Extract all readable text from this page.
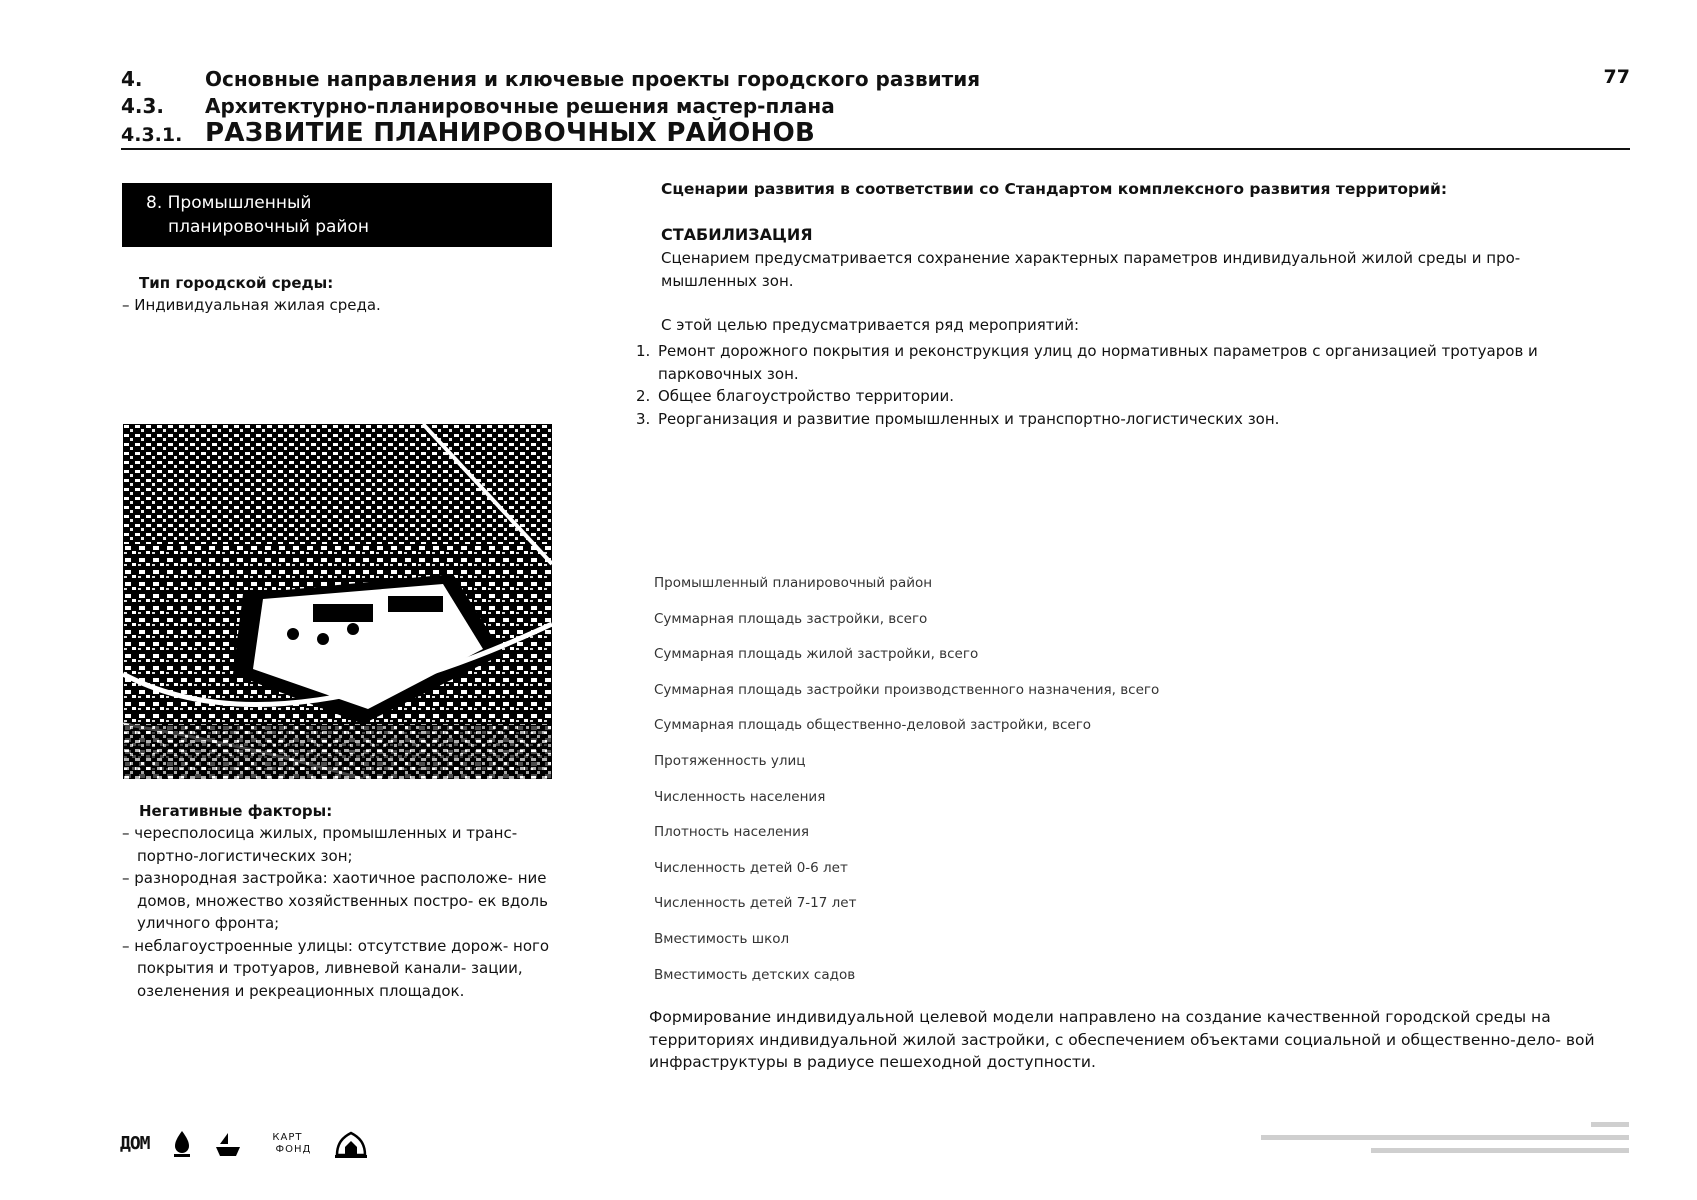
4.	Основные направления и ключевые проекты городского развития
4.3.	Архитектурно-планировочные решения мастер-плана
4.3.1. РАЗВИТИЕ ПЛАНИРОВОЧНЫХ РАЙОНОВ
77
8. Промышленный
планировочный район
Тип городской среды:
– Индивидуальная жилая среда.
Негативные факторы:
– чересполосица жилых, промышленных и транс- портно-логистических зон;
– разнородная застройка: хаотичное расположе- ние домов, множество хозяйственных постро- ек вдоль уличного фронта;
– неблагоустроенные улицы: отсутствие дорож- ного покрытия и тротуаров, ливневой канали- зации, озеленения и рекреационных площадок.
Сценарии развития в соответствии со Стандартом комплексного развития территорий:
СТАБИЛИЗАЦИЯ
Сценарием предусматривается сохранение характерных параметров индивидуальной жилой среды и про- мышленных зон.
С этой целью предусматривается ряд мероприятий:
1. Ремонт дорожного покрытия и реконструкция улиц до нормативных параметров с организацией тротуаров и парковочных зон.
2. Общее благоустройство территории.
3. Реорганизация и развитие промышленных и транспортно-логистических зон.
Промышленный планировочный район
Суммарная площадь застройки, всего
Суммарная площадь жилой застройки, всего
Суммарная площадь застройки производственного назначения, всего
Суммарная площадь общественно-деловой застройки, всего
Протяженность улиц
Численность населения
Плотность населения
Численность детей 0-6 лет
Численность детей 7-17 лет
Вместимость школ
Вместимость детских садов
Формирование индивидуальной целевой модели направлено на создание качественной городской среды на территориях индивидуальной жилой застройки, с обеспечением объектами социальной и общественно-дело- вой инфраструктуры в радиусе пешеходной доступности.
ДОМ	КАРТ
ФОНД
